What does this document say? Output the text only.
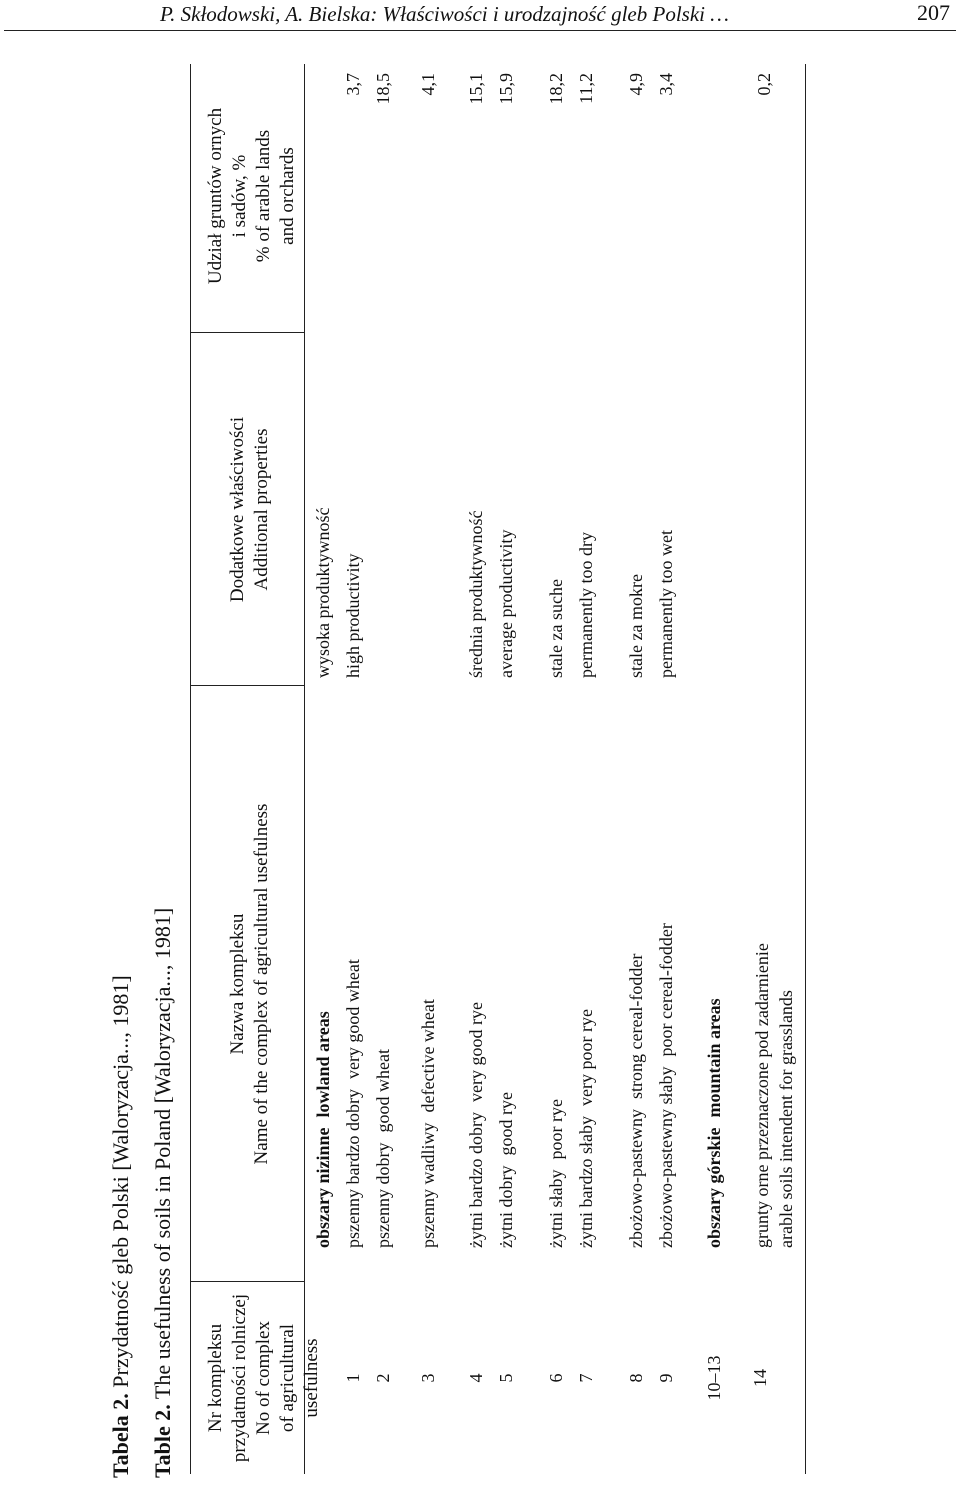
P. Skłodowski, A. Bielska: Właściwości i urodzajność gleb Polski …	207
Tabela 2. Przydatność gleb Polski [Waloryzacja..., 1981]
Table 2. The usefulness of soils in Poland [Waloryzacja..., 1981] Nr kompleksu przydatności rolniczej No of complex of agricultural usefulness
Nazwa kompleksu Name of the complex of agricultural usefulness
Dodatkowe właściwości Additional properties
Udział gruntów ornych i sadów, % % of arable lands and orchards
obszary nizinnelowland areas
wysoka produktywność
1
pszenny bardzo dobryvery good wheat
high productivity
3,7
2
pszenny dobrygood wheat
18,5
3
pszenny wadliwydefective wheat
4,1
4
żytni bardzo dobryvery good rye
średnia produktywność
15,1
5
żytni dobrygood rye
average productivity
15,9
6
żytni słabypoor rye
stale za suche
18,2
7
żytni bardzo słabyvery poor rye
permanently too dry
11,2
8
zbożowo-pastewnystrong cereal-fodder
stale za mokre
4,9
9
zbożowo-pastewny słabypoor cereal-fodder
permanently too wet
3,4
10–13
obszary górskiemountain areas
14
grunty orne przeznaczone pod zadarnienie arable soils intendent for grasslands
0,2
